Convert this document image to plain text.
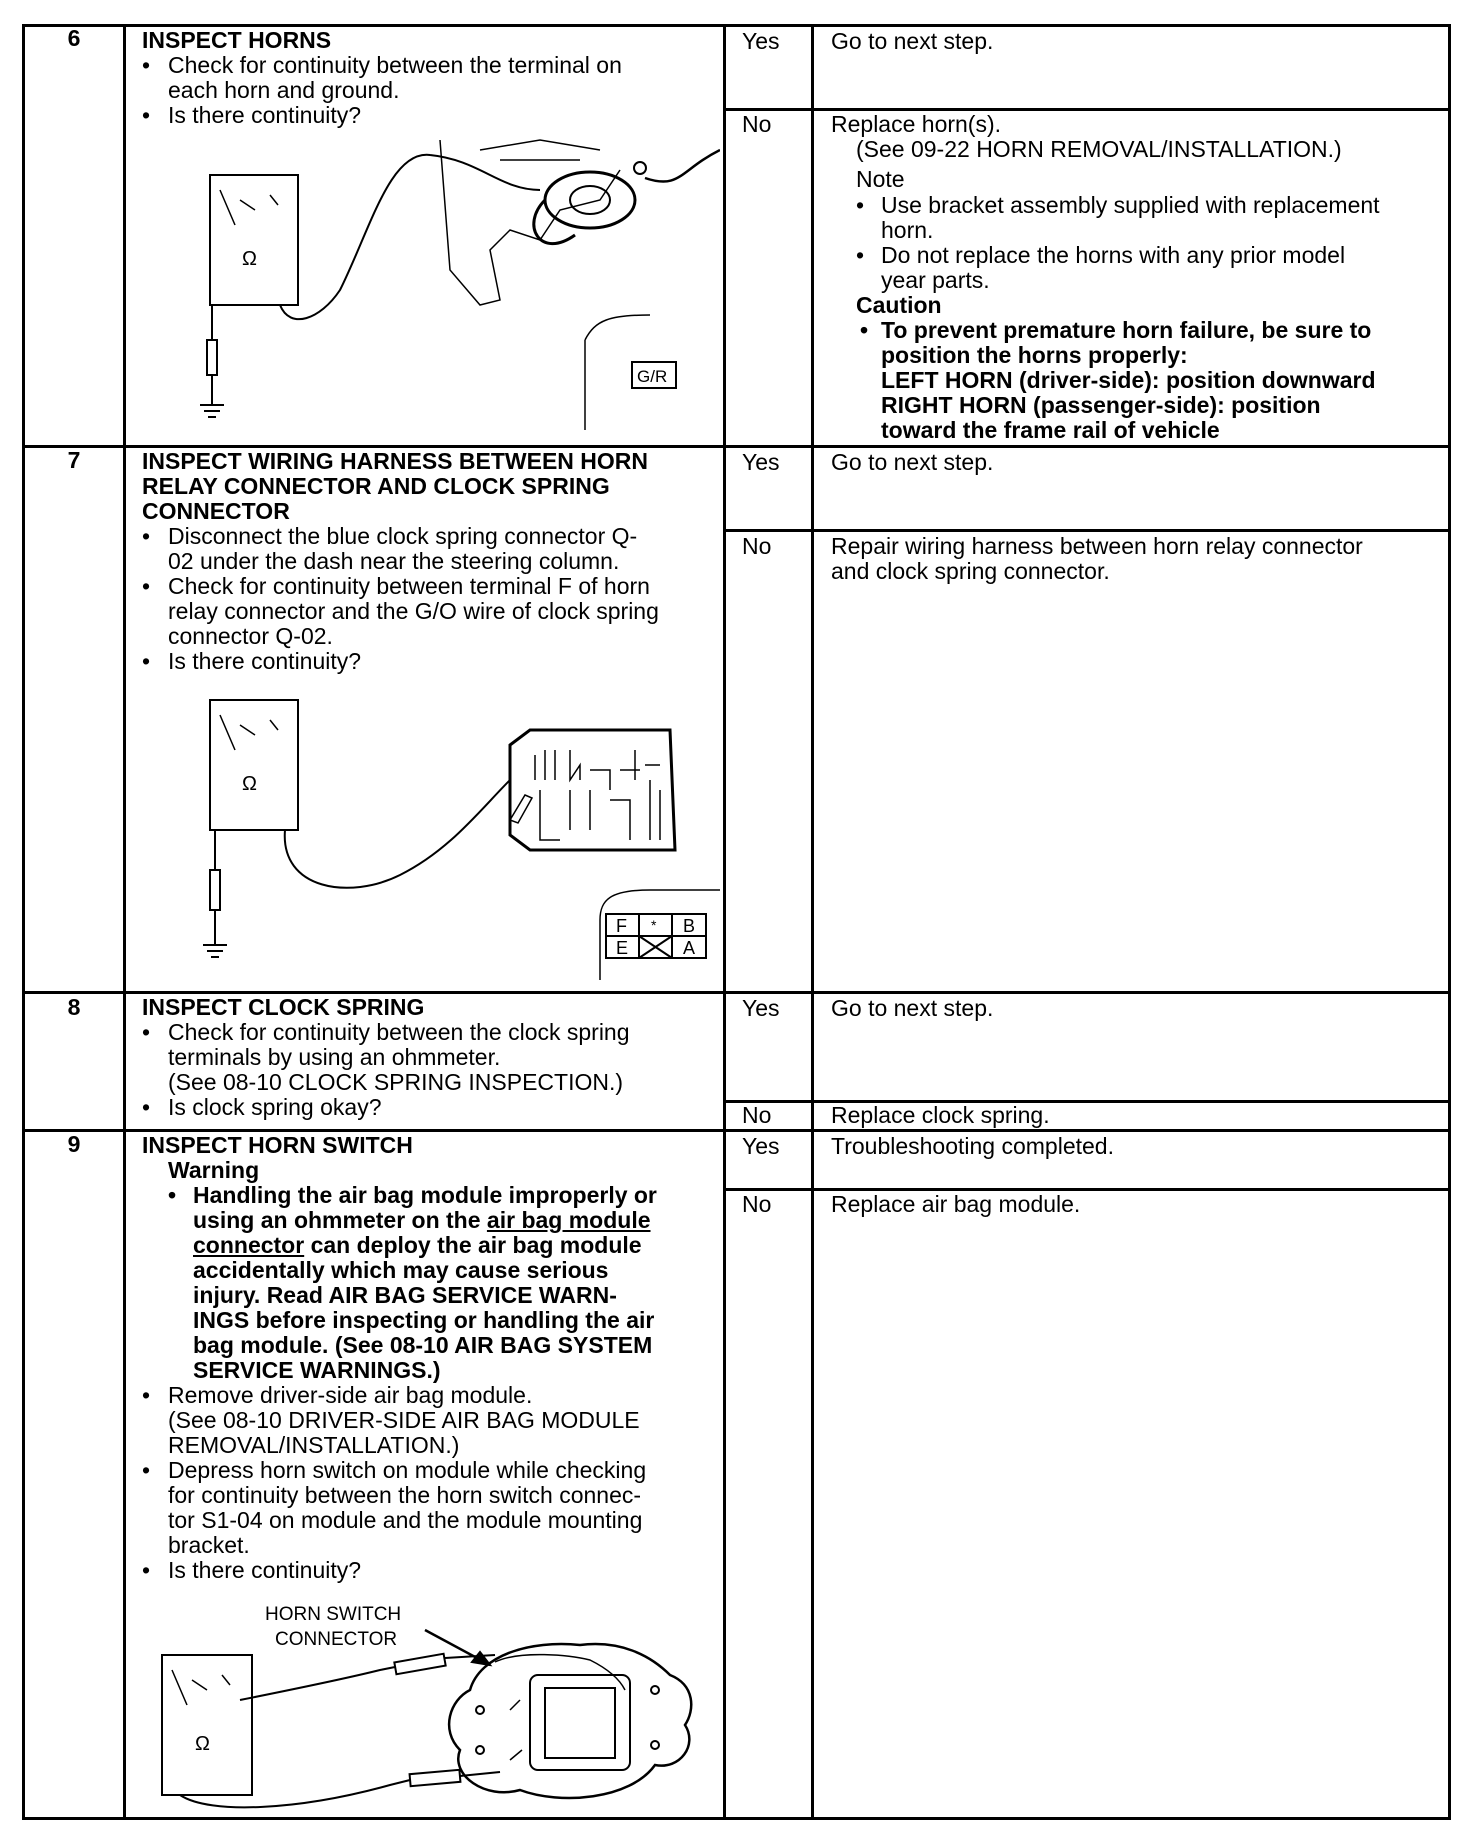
6	INSPECT HORNS
• Check for continuity between the terminal on
each horn and ground.
• Is there continuity?
Ω
G/R
Yes Go to next step.
No	Replace horn(s).
(See 09-22 HORN REMOVAL/INSTALLATION.)
Note
• Use bracket assembly supplied with replacement
horn.
• Do not replace the horns with any prior model
year parts.
Caution
• To prevent premature horn failure, be sure to
position the horns properly:
LEFT HORN (driver-side): position downward
RIGHT HORN (passenger-side): position
toward the frame rail of vehicle
7	INSPECT WIRING HARNESS BETWEEN HORN
RELAY CONNECTOR AND CLOCK SPRING
CONNECTOR
• Disconnect the blue clock spring connector Q-
02 under the dash near the steering column.
• Check for continuity between terminal F of horn
relay connector and the G/O wire of clock spring
connector Q-02.
• Is there continuity?
Ω
F * B
E	A
Yes Go to next step.
No	Repair wiring harness between horn relay connector
and clock spring connector.
8	INSPECT CLOCK SPRING
• Check for continuity between the clock spring
terminals by using an ohmmeter.
(See 08-10 CLOCK SPRING INSPECTION.)
• Is clock spring okay?
Yes Go to next step.
No	Replace clock spring.
9	INSPECT HORN SWITCH
Warning
• Handling the air bag module improperly or
using an ohmmeter on the air bag module
connector can deploy the air bag module
accidentally which may cause serious
injury. Read AIR BAG SERVICE WARN-
INGS before inspecting or handling the air
bag module. (See 08-10 AIR BAG SYSTEM
SERVICE WARNINGS.)
• Remove driver-side air bag module.
(See 08-10 DRIVER-SIDE AIR BAG MODULE
REMOVAL/INSTALLATION.)
• Depress horn switch on module while checking
for continuity between the horn switch connec-
tor S1-04 on module and the module mounting
bracket.
• Is there continuity?
HORN SWITCH
CONNECTOR
Ω
Yes Troubleshooting completed.
No	Replace air bag module.
